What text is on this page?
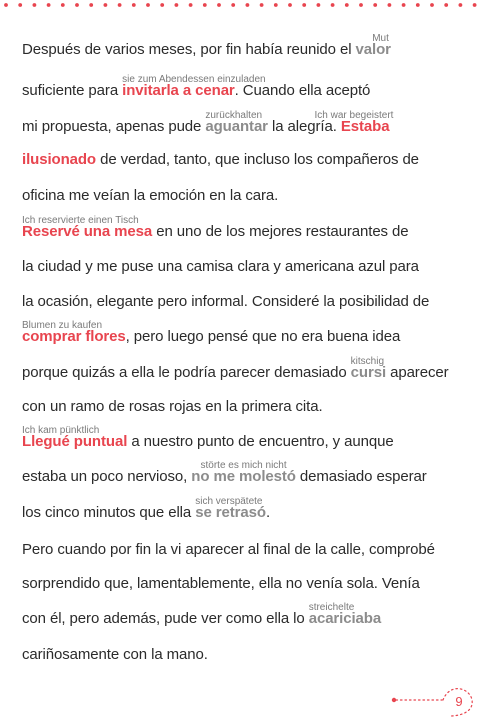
Después de varios meses, por fin había reunido el
Mut
valor
suficiente para
sie zum Abendessen einzuladen
invitarla a cenar. Cuando ella aceptó
mi propuesta, apenas pude
zurückhalten
aguantar la alegría.
Ich war begeistert
Estaba
ilusionado de verdad, tanto, que incluso los compañeros de
oficina me veían la emoción en la cara.
Ich reservierte einen Tisch
Reservé una mesa en uno de los mejores restaurantes de
la ciudad y me puse una camisa clara y americana azul para
la ocasión, elegante pero informal. Consideré la posibilidad de
Blumen zu kaufen
comprar flores, pero luego pensé que no era buena idea
porque quizás a ella le podría parecer demasiado
kitschig
cursi aparecer
con un ramo de rosas rojas en la primera cita.
Ich kam pünktlich
Llegué puntual a nuestro punto de encuentro, y aunque
estaba un poco nervioso,
störte es mich nicht
no me molestó demasiado esperar
los cinco minutos que ella
sich verspätete
se retrasó.
Pero cuando por fin la vi aparecer al final de la calle, comprobé
sorprendido que, lamentablemente, ella no venía sola. Venía
con él, pero además, pude ver como ella lo
streichelte
acariciaba
cariñosamente con la mano.
9
